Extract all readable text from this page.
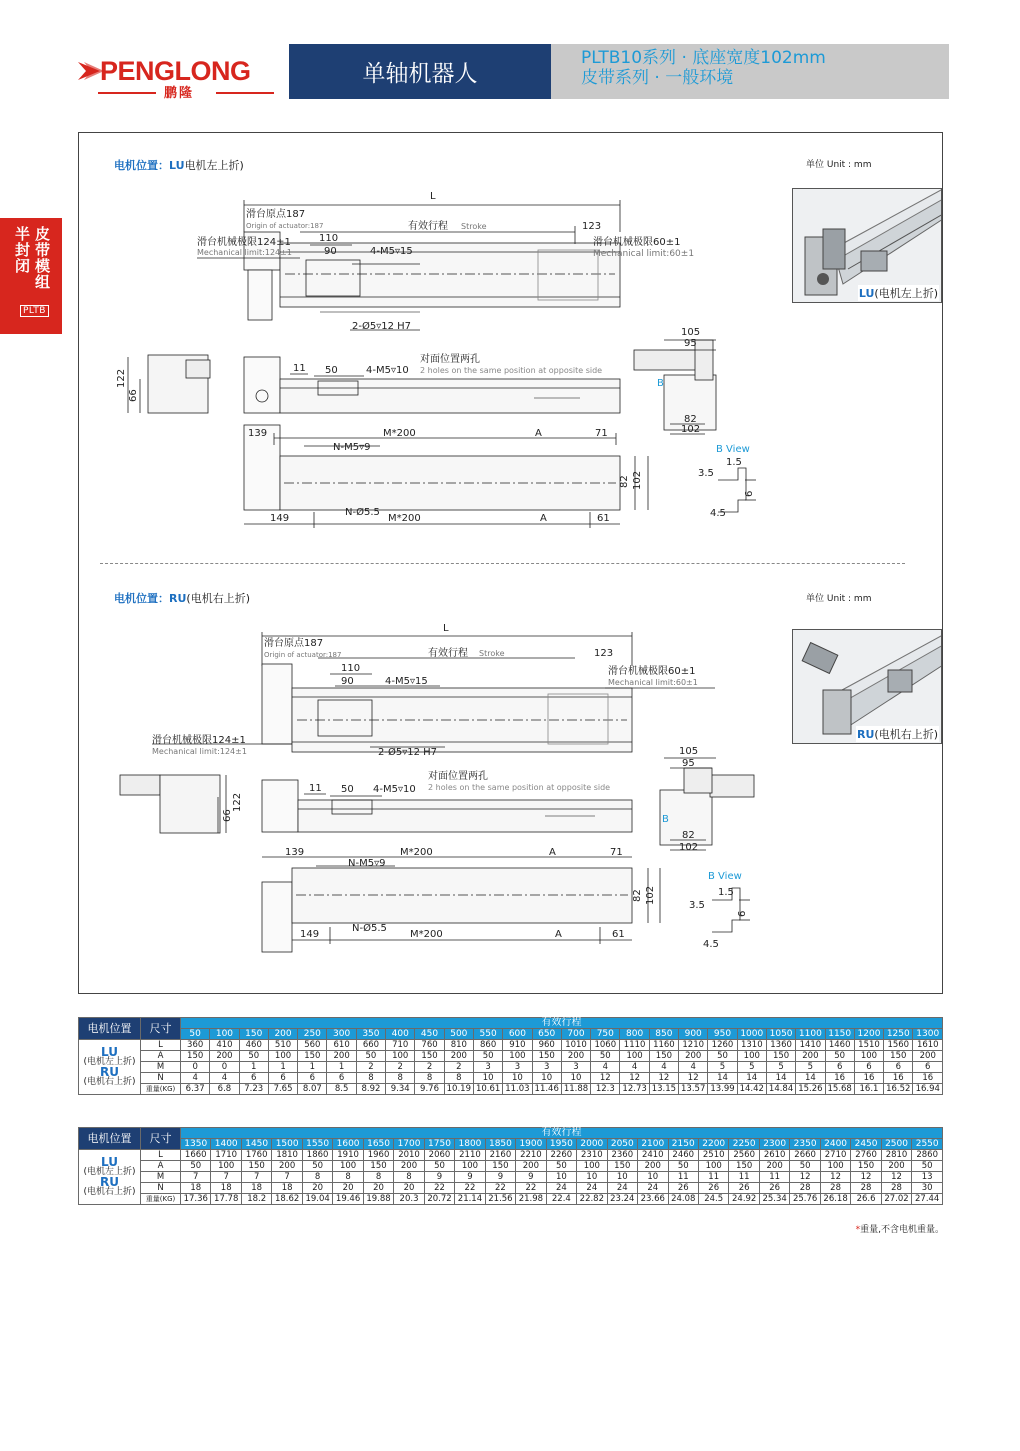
PENGLONG
鹏隆
单轴机器人
PLTB10系列 · 底座宽度102mm
皮带系列 · 一般环境
皮带模组
半封闭
PLTB
电机位置：LU电机左上折)	单位 Unit : mm
LU(电机左上折)
L
滑台原点187
Origin of actuator:187	有效行程 Stroke	123
滑台机械极限124±1
Mechanical limit:124±1
滑台机械极限60±1
Mechanical limit:60±1
110
90	4-M5▿15
2-Ø5▿12 H7
11 50	4-M5▿10
对面位置两孔
2 holes on the same position at opposite side
122
66
105
95
82
102
B
139	M*200	A	71
N-M5▿9
149
N-Ø5.5
M*200	A	61
82 102
B View
1.5
3.5
6
4.5
电机位置：RU(电机右上折)	单位 Unit : mm
RU(电机右上折)
L
滑台原点187
Origin of actuator:187	有效行程 Stroke	123
110
90	4-M5▿15
滑台机械极限60±1
Mechanical limit:60±1
滑台机械极限124±1
Mechanical limit:124±1	2-Ø5▿12 H7
11 50 4-M5▿10
对面位置两孔
2 holes on the same position at opposite side
122
66
105
95
82
102
B
139	M*200	A	71
N-M5▿9
149
N-Ø5.5
M*200	A	61
82 102
B View
1.5
3.5
6
4.5
电机位置	尺寸	有效行程																									
		50	100	150	200	250	300	350	400	450	500	550	600	650	700	750	800	850	900	950	1000	1050	1100	1150	1200	1250	1300

LU
(电机左上折)
RU
(电机右上折)	L	360	410	460	510	560	610	660	710	760	810	860	910	960	1010	1060	1110	1160	1210	1260	1310	1360	1410	1460	1510	1560	1610
	A	150	200	50	100	150	200	50	100	150	200	50	100	150	200	50	100	150	200	50	100	150	200	50	100	150	200
	M	0	0	1	1	1	1	2	2	2	2	3	3	3	3	4	4	4	4	5	5	5	5	6	6	6	6
	N	4	4	6	6	6	6	8	8	8	8	10	10	10	10	12	12	12	12	14	14	14	14	16	16	16	16
	重量(KG)	6.37	6.8	7.23	7.65	8.07	8.5	8.92	9.34	9.76	10.19	10.61	11.03	11.46	11.88	12.3	12.73	13.15	13.57	13.99	14.42	14.84	15.26	15.68	16.1	16.52	16.94
电机位置	尺寸	有效行程																								
		1350	1400	1450	1500	1550	1600	1650	1700	1750	1800	1850	1900	1950	2000	2050	2100	2150	2200	2250	2300	2350	2400	2450	2500	2550

LU
(电机左上折)
RU
(电机右上折)	L	1660	1710	1760	1810	1860	1910	1960	2010	2060	2110	2160	2210	2260	2310	2360	2410	2460	2510	2560	2610	2660	2710	2760	2810	2860
	A	50	100	150	200	50	100	150	200	50	100	150	200	50	100	150	200	50	100	150	200	50	100	150	200	50
	M	7	7	7	7	8	8	8	8	9	9	9	9	10	10	10	10	11	11	11	11	12	12	12	12	13
	N	18	18	18	18	20	20	20	20	22	22	22	22	24	24	24	24	26	26	26	26	28	28	28	28	30
	重量(KG)	17.36	17.78	18.2	18.62	19.04	19.46	19.88	20.3	20.72	21.14	21.56	21.98	22.4	22.82	23.24	23.66	24.08	24.5	24.92	25.34	25.76	26.18	26.6	27.02	27.44
*重量,不含电机重量。
